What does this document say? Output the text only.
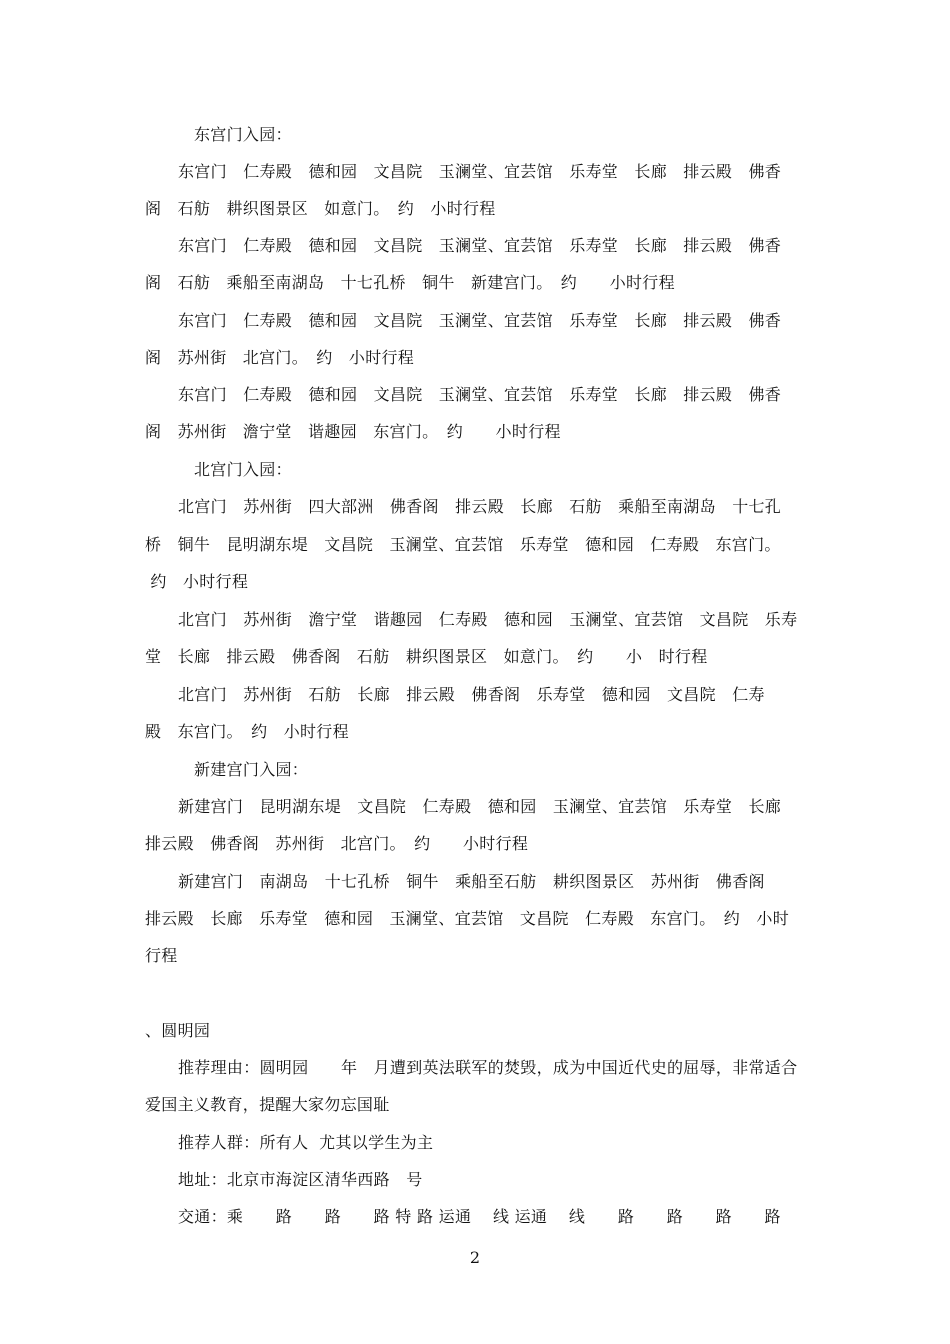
东宫门入园：
东宫门　仁寿殿　德和园　文昌院　玉澜堂、宜芸馆　乐寿堂　长廊　排云殿　佛香
阁　石舫　耕织图景区　如意门。　约　小时行程
东宫门　仁寿殿　德和园　文昌院　玉澜堂、宜芸馆　乐寿堂　长廊　排云殿　佛香
阁　石舫　乘船至南湖岛　十七孔桥　铜牛　新建宫门。　约　　小时行程
东宫门　仁寿殿　德和园　文昌院　玉澜堂、宜芸馆　乐寿堂　长廊　排云殿　佛香
阁　苏州街　北宫门。　约　小时行程
东宫门　仁寿殿　德和园　文昌院　玉澜堂、宜芸馆　乐寿堂　长廊　排云殿　佛香
阁　苏州街　澹宁堂　谐趣园　东宫门。　约　　小时行程
北宫门入园：
北宫门　苏州街　四大部洲　佛香阁　排云殿　长廊　石舫　乘船至南湖岛　十七孔
桥　铜牛　昆明湖东堤　文昌院　玉澜堂、宜芸馆　乐寿堂　德和园　仁寿殿　东宫门。
约　小时行程
北宫门　苏州街　澹宁堂　谐趣园　仁寿殿　德和园　玉澜堂、宜芸馆　文昌院　乐寿
堂　长廊　排云殿　佛香阁　石舫　耕织图景区　如意门。　约　　小　时行程
北宫门　苏州街　石舫　长廊　排云殿　佛香阁　乐寿堂　德和园　文昌院　仁寿
殿　东宫门。　约　小时行程
新建宫门入园：
新建宫门　昆明湖东堤　文昌院　仁寿殿　德和园　玉澜堂、宜芸馆　乐寿堂　长廊
排云殿　佛香阁　苏州街　北宫门。　约　　小时行程
新建宫门　南湖岛　十七孔桥　铜牛　乘船至石舫　耕织图景区　苏州街　佛香阁
排云殿　长廊　乐寿堂　德和园　玉澜堂、宜芸馆　文昌院　仁寿殿　东宫门。　约　小时
行程
、圆明园
推荐理由：圆明园　　年　月遭到英法联军的焚毁，成为中国近代史的屈辱，非常适合
爱国主义教育，提醒大家勿忘国耻
推荐人群：所有人  尤其以学生为主
地址：北京市海淀区清华西路　号
交通：乘　　路　　路　　路 特 路 运通　 线 运通　 线　　路　　路　　路　　路
2
